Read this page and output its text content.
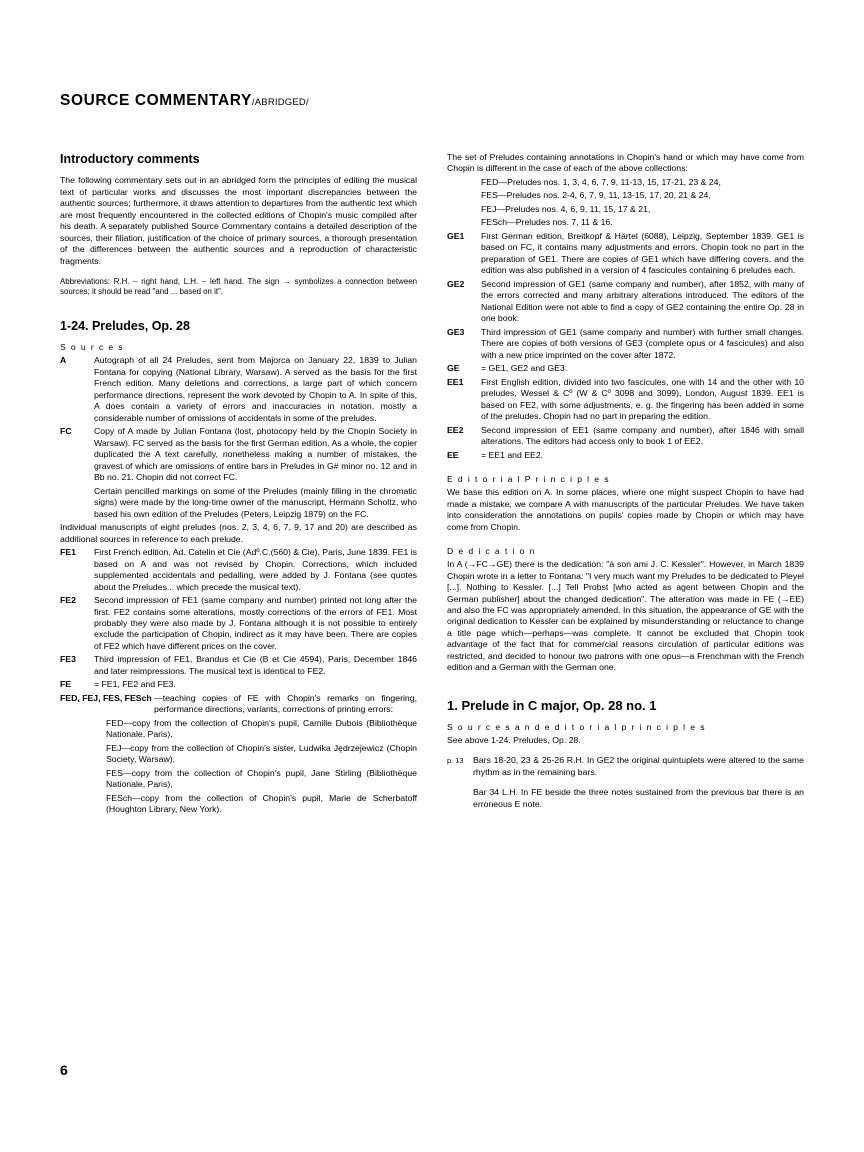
SOURCE COMMENTARY/ABRIDGED/
Introductory comments

The following commentary sets out in an abridged form the principles of editing the musical text of particular works and discusses the most important discrepancies between the authentic sources; furthermore, it draws attention to departures from the authentic text which are most frequently encountered in the collected editions of Chopin's music compiled after his death. A separately published Source Commentary contains a detailed description of the sources, their filiation, justification of the choice of primary sources, a thorough presentation of the differences between the authentic sources and a reproduction of characteristic fragments.

Abbreviations: R.H. – right hand, L.H. – left hand. The sign → symbolizes a connection between sources; it should be read "and ... based on it".

1-24. Preludes, Op. 28
S o u r c e s
A	Autograph of all 24 Preludes, sent from Majorca on January 22, 1839 to Julian Fontana for copying (National Library, Warsaw). A served as the basis for the first French edition. Many deletions and corrections, a large part of which concern performance directions, represent the work devoted by Chopin to A. In spite of this, A does contain a variety of errors and inaccuracies in notation, mostly a considerable number of omissions of accidentals in some of the preludes.
FC	Copy of A made by Julian Fontana (lost, photocopy held by the Chopin Society in Warsaw). FC served as the basis for the first German edition. As a whole, the copier duplicated the A text carefully, nonetheless making a number of mistakes, the gravest of which are omissions of entire bars in Preludes in G# minor no. 12 and in Bb no. 21. Chopin did not correct FC.
Certain pencilled markings on some of the Preludes (mainly filling in the chromatic signs) were made by the long-time owner of the manuscript, Hermann Scholtz, who based his own edition of the Preludes (Peters, Leipzig 1879) on the FC.
Individual manuscripts of eight preludes (nos. 2, 3, 4, 6, 7, 9, 17 and 20) are described as additional sources in reference to each prelude.
FE1	First French edition, Ad. Catelin et Cie (Adº.C.(560) & Cie), Paris, June 1839. FE1 is based on A and was not revised by Chopin. Corrections, which included supplemented accidentals and pedalling, were added by J. Fontana (see quotes about the Preludes... which precede the musical text).
FE2	Second impression of FE1 (same company and number) printed not long after the first. FE2 contains some alterations, mostly corrections of the errors of FE1. Most probably they were also made by J. Fontana although it is not possible to entirely exclude the participation of Chopin, indirect as it may have been. There are copies of FE2 which have different prices on the cover.
FE3	Third impression of FE1, Brandus et Cie (B et Cie 4594), Paris, December 1846 and later reimpressions. The musical text is identical to FE2.
FE	= FE1, FE2 and FE3.
FED, FEJ, FES, FESch —teaching copies of FE with Chopin's remarks on fingering, performance directions, variants, corrections of printing errors:
FED—copy from the collection of Chopin's pupil, Camille Dubois (Bibliothèque Nationale, Paris),
FEJ—copy from the collection of Chopin's sister, Ludwika Jędrzejewicz (Chopin Society, Warsaw),
FES—copy from the collection of Chopin's pupil, Jane Stirling (Bibliothèque Nationale, Paris),
FESch—copy from the collection of Chopin's pupil, Marie de Scherbatoff (Houghton Library, New York).
The set of Preludes containing annotations in Chopin's hand or which may have come from Chopin is different in the case of each of the above collections:
FED—Preludes nos. 1, 3, 4, 6, 7, 9, 11-13, 15, 17-21, 23 & 24,
FES—Preludes nos. 2-4, 6, 7, 9, 11, 13-15, 17, 20, 21 & 24,
FEJ—Preludes nos. 4, 6, 9, 11, 15, 17 & 21,
FESch—Preludes nos. 7, 11 & 16.
GE1	First German edition, Breitkopf & Härtel (6088), Leipzig, September 1839. GE1 is based on FC, it contains many adjustments and errors. Chopin took no part in the preparation of GE1. There are copies of GE1 which have differing covers, and the edition was also published in a version of 4 fascicules containing 6 preludes each.
GE2	Second impression of GE1 (same company and number), after 1852, with many of the errors corrected and many arbitrary alterations introduced. The editors of the National Edition were not able to find a copy of GE2 containing the entire Op. 28 in one book.
GE3	Third impression of GE1 (same company and number) with further small changes. There are copies of both versions of GE3 (complete opus or 4 fascicules) and also with a new price imprinted on the cover after 1872.
GE	= GE1, GE2 and GE3.
EE1	First English edition, divided into two fascicules, one with 14 and the other with 10 preludes, Wessel & Cº (W & Cº 3098 and 3099), London, August 1839. EE1 is based on FE2, with some adjustments, e. g. the fingering has been added in some of the preludes. Chopin had no part in preparing the edition.
EE2	Second impression of EE1 (same company and number), after 1846 with small alterations. The editors had access only to book 1 of EE2.
EE	= EE1 and EE2.
E d i t o r i a l P r i n c i p l e s
We base this edition on A. In some places, where one might suspect Chopin to have had made a mistake, we compare A with manuscripts of the particular Preludes. We have taken into consideration the annotations on pupils' copies made by Chopin or which may have come from Chopin.
D e d i c a t i o n
In A (→FC→GE) there is the dedication: "à son ami J. C. Kessler". However, in March 1839 Chopin wrote in a letter to Fontana: "I very much want my Preludes to be dedicated to Pleyel [...]. Nothing to Kessler. [...] Tell Probst [who acted as agent between Chopin and the German publisher] about the changed dedication". The alteration was made in FE (→EE) and also the FC was appropriately amended. In this situation, the appearance of GE with the original dedication to Kessler can be explained by misunderstanding or reluctance to change a title page which—perhaps—was complete. It cannot be excluded that Chopin took advantage of the fact that for commercial reasons circulation of particular editions was restricted, and decided to honour two patrons with one opus—a Frenchman with the French edition and a German with the German one.
1. Prelude in C major, Op. 28 no. 1
S o u r c e s a n d e d i t o r i a l p r i n c i p l e s
See above 1-24. Preludes, Op. 28.
p. 13	Bars 18-20, 23 & 25-26 R.H. In GE2 the original quintuplets were altered to the same rhythm as in the remaining bars.
Bar 34 L.H. In FE beside the three notes sustained from the previous bar there is an erroneous E note.
6
